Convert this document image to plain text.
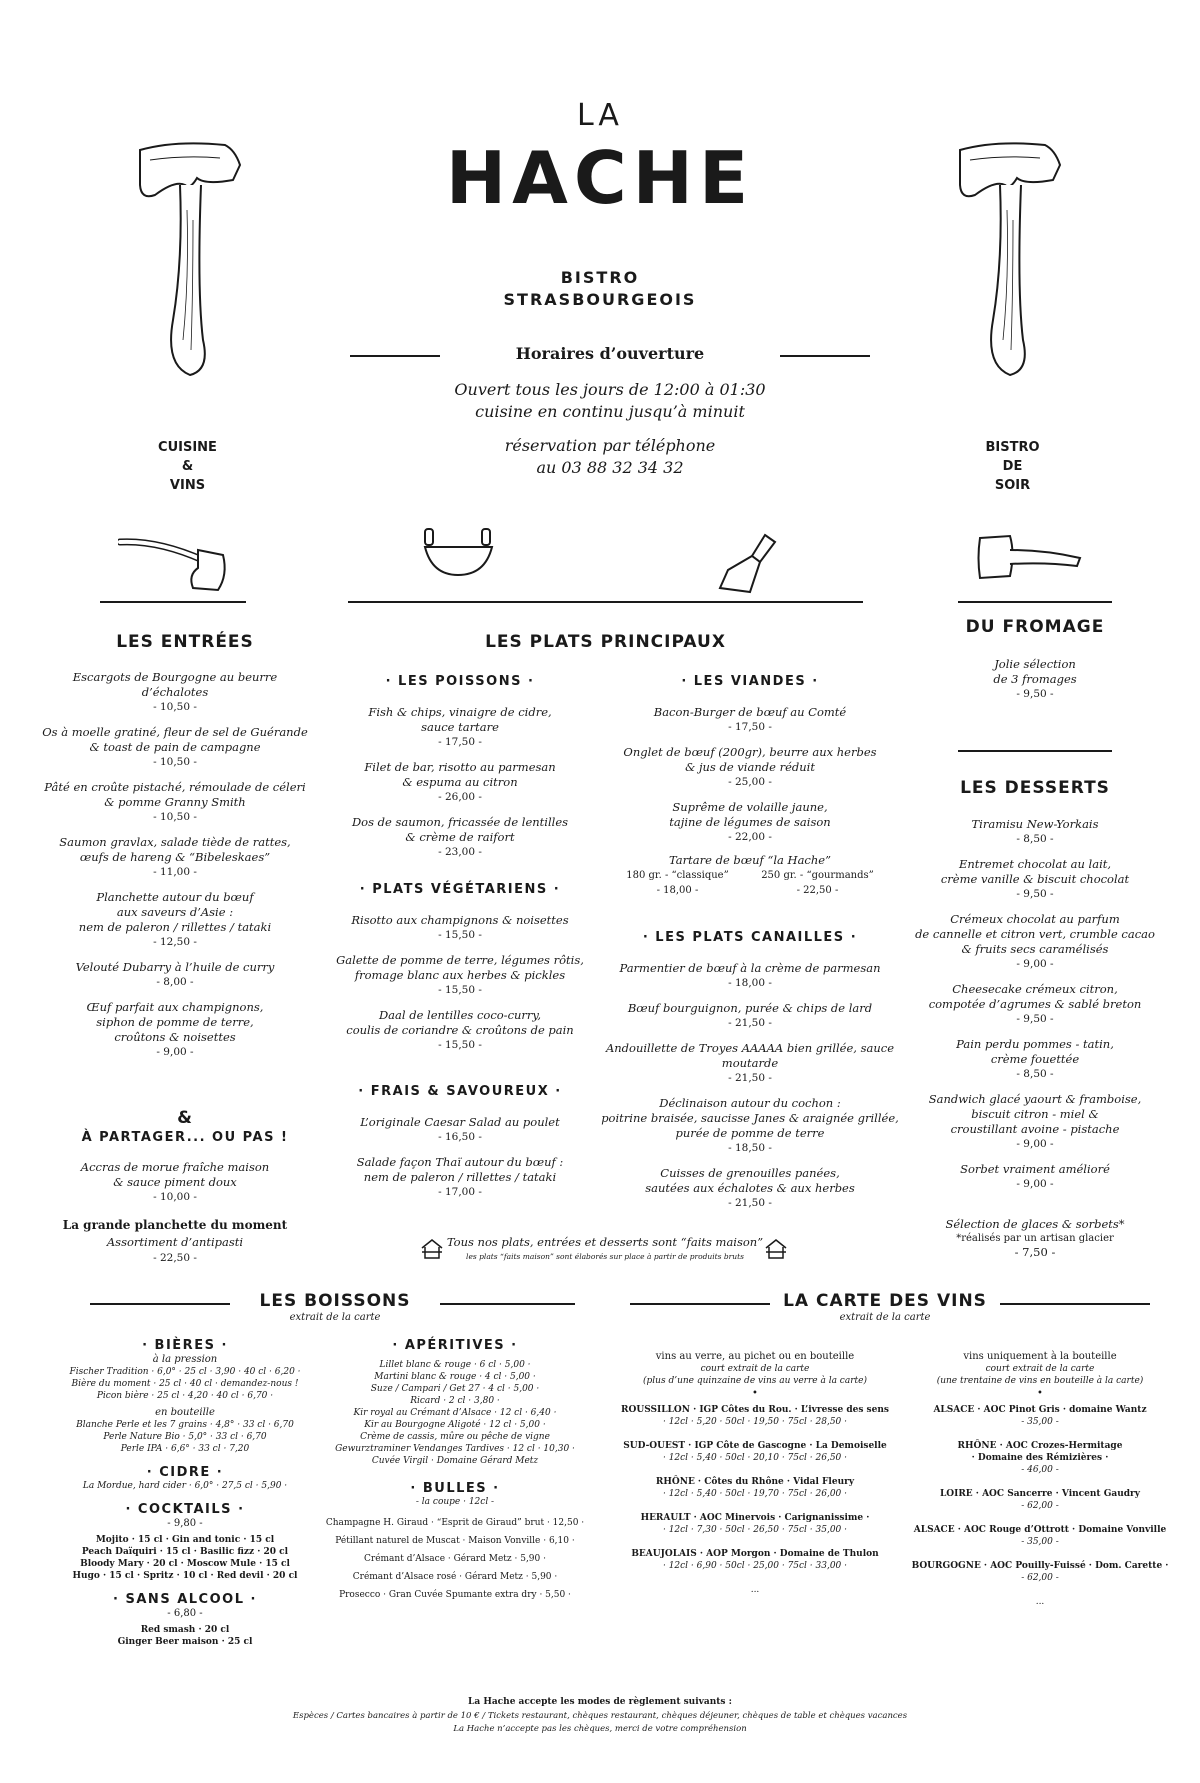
LA
HACHE
BISTRO
STRASBOURGEOIS
Horaires d’ouverture
Ouvert tous les jours de 12:00 à 01:30
cuisine en continu jusqu’à minuit
réservation par téléphone
au 03 88 32 34 32
CUISINE
&
VINS
BISTRO
DE
SOIR
LES ENTRÉES
Escargots de Bourgogne au beurre d’échalotes
- 10,50 -
Os à moelle gratiné, fleur de sel de Guérande
& toast de pain de campagne
- 10,50 -
Pâté en croûte pistaché, rémoulade de céleri
& pomme Granny Smith
- 10,50 -
Saumon gravlax, salade tiède de rattes,
œufs de hareng & “Bibeleskaes”
- 11,00 -
Planchette autour du bœuf
aux saveurs d’Asie :
nem de paleron / rillettes / tataki
- 12,50 -
Velouté Dubarry à l’huile de curry
- 8,00 -
Œuf parfait aux champignons,
siphon de pomme de terre,
croûtons & noisettes
- 9,00 -
&
À PARTAGER... OU PAS !
Accras de morue fraîche maison
& sauce piment doux
- 10,00 -
La grande planchette du moment
Assortiment d’antipasti
- 22,50 -
LES PLATS PRINCIPAUX
· LES POISSONS ·
Fish & chips, vinaigre de cidre,
sauce tartare
- 17,50 -
Filet de bar, risotto au parmesan
& espuma au citron
- 26,00 -
Dos de saumon, fricassée de lentilles
& crème de raifort
- 23,00 -
· PLATS VÉGÉTARIENS ·
Risotto aux champignons & noisettes
- 15,50 -
Galette de pomme de terre, légumes rôtis,
fromage blanc aux herbes & pickles
- 15,50 -
Daal de lentilles coco-curry,
coulis de coriandre & croûtons de pain
- 15,50 -
· FRAIS & SAVOUREUX ·
L’originale Caesar Salad au poulet
- 16,50 -
Salade façon Thaï autour du bœuf :
nem de paleron / rillettes / tataki
- 17,00 -
· LES VIANDES ·
Bacon-Burger de bœuf au Comté
- 17,50 -
Onglet de bœuf (200gr), beurre aux herbes
& jus de viande réduit
- 25,00 -
Suprême de volaille jaune,
tajine de légumes de saison
- 22,00 -
Tartare de bœuf “la Hache”
180 gr. - “classique”
- 18,00 -
250 gr. - “gourmands”
- 22,50 -
· LES PLATS CANAILLES ·
Parmentier de bœuf à la crème de parmesan
- 18,00 -
Bœuf bourguignon, purée & chips de lard
- 21,50 -
Andouillette de Troyes AAAAA bien grillée, sauce moutarde
- 21,50 -
Déclinaison autour du cochon :
poitrine braisée, saucisse Janes & araignée grillée,
purée de pomme de terre
- 18,50 -
Cuisses de grenouilles panées,
sautées aux échalotes & aux herbes
- 21,50 -
Tous nos plats, entrées et desserts sont “faits maison”
les plats “faits maison” sont élaborés sur place à partir de produits bruts
DU FROMAGE
Jolie sélection
de 3 fromages
- 9,50 -
LES DESSERTS
Tiramisu New-Yorkais
- 8,50 -
Entremet chocolat au lait,
crème vanille & biscuit chocolat
- 9,50 -
Crémeux chocolat au parfum
de cannelle et citron vert, crumble cacao
& fruits secs caramélisés
- 9,00 -
Cheesecake crémeux citron,
compotée d’agrumes & sablé breton
- 9,50 -
Pain perdu pommes - tatin,
crème fouettée
- 8,50 -
Sandwich glacé yaourt & framboise,
biscuit citron - miel &
croustillant avoine - pistache
- 9,00 -
Sorbet vraiment amélioré
- 9,00 -
Sélection de glaces & sorbets*
*réalisés par un artisan glacier
- 7,50 -
LES BOISSONS
extrait de la carte
· BIÈRES ·
à la pression
Fischer Tradition · 6,0° · 25 cl · 3,90 · 40 cl · 6,20 ·
Bière du moment · 25 cl · 40 cl · demandez-nous !
Picon bière · 25 cl · 4,20 · 40 cl · 6,70 ·
en bouteille
Blanche Perle et les 7 grains · 4,8° · 33 cl · 6,70
Perle Nature Bio · 5,0° · 33 cl · 6,70
Perle IPA · 6,6° · 33 cl · 7,20
· CIDRE ·
La Mordue, hard cider · 6,0° · 27,5 cl · 5,90 ·
· COCKTAILS ·
- 9,80 -
Mojito · 15 cl · Gin and tonic · 15 cl
Peach Daïquiri · 15 cl · Basilic fizz · 20 cl
Bloody Mary · 20 cl · Moscow Mule · 15 cl
Hugo · 15 cl · Spritz · 10 cl · Red devil · 20 cl
· SANS ALCOOL ·
- 6,80 -
Red smash · 20 cl
Ginger Beer maison · 25 cl
· APÉRITIVES ·
Lillet blanc & rouge · 6 cl · 5,00 ·
Martini blanc & rouge · 4 cl · 5,00 ·
Suze / Campari / Get 27 · 4 cl · 5,00 ·
Ricard · 2 cl · 3,80 ·
Kir royal au Crémant d’Alsace · 12 cl · 6,40 ·
Kir au Bourgogne Aligoté · 12 cl · 5,00 ·
Crème de cassis, mûre ou pêche de vigne
Gewurztraminer Vendanges Tardives · 12 cl · 10,30 ·
Cuvée Virgil · Domaine Gérard Metz
· BULLES ·
- la coupe · 12cl -
Champagne H. Giraud · “Esprit de Giraud” brut · 12,50 ·
Pétillant naturel de Muscat · Maison Vonville · 6,10 ·
Crémant d’Alsace · Gérard Metz · 5,90 ·
Crémant d’Alsace rosé · Gérard Metz · 5,90 ·
Prosecco · Gran Cuvée Spumante extra dry · 5,50 ·
LA CARTE DES VINS
extrait de la carte
vins au verre, au pichet ou en bouteille
court extrait de la carte
(plus d’une quinzaine de vins au verre à la carte)
•
ROUSSILLON · IGP Côtes du Rou. · L’ivresse des sens
· 12cl · 5,20 · 50cl · 19,50 · 75cl · 28,50 ·
SUD-OUEST · IGP Côte de Gascogne · La Demoiselle
· 12cl · 5,40 · 50cl · 20,10 · 75cl · 26,50 ·
RHÔNE · Côtes du Rhône · Vidal Fleury
· 12cl · 5,40 · 50cl · 19,70 · 75cl · 26,00 ·
HERAULT · AOC Minervois · Carignanissime ·
· 12cl · 7,30 · 50cl · 26,50 · 75cl · 35,00 ·
BEAUJOLAIS · AOP Morgon · Domaine de Thulon
· 12cl · 6,90 · 50cl · 25,00 · 75cl · 33,00 ·
...
vins uniquement à la bouteille
court extrait de la carte
(une trentaine de vins en bouteille à la carte)
•
ALSACE · AOC Pinot Gris · domaine Wantz
- 35,00 -
RHÔNE · AOC Crozes-Hermitage
· Domaine des Rémizières ·
- 46,00 -
LOIRE · AOC Sancerre · Vincent Gaudry
- 62,00 -
ALSACE · AOC Rouge d’Ottrott · Domaine Vonville
- 35,00 -
BOURGOGNE · AOC Pouilly-Fuissé · Dom. Carette ·
- 62,00 -
...
La Hache accepte les modes de règlement suivants :
Espèces / Cartes bancaires à partir de 10 € / Tickets restaurant, chèques restaurant, chèques déjeuner, chèques de table et chèques vacances
La Hache n’accepte pas les chèques, merci de votre compréhension
